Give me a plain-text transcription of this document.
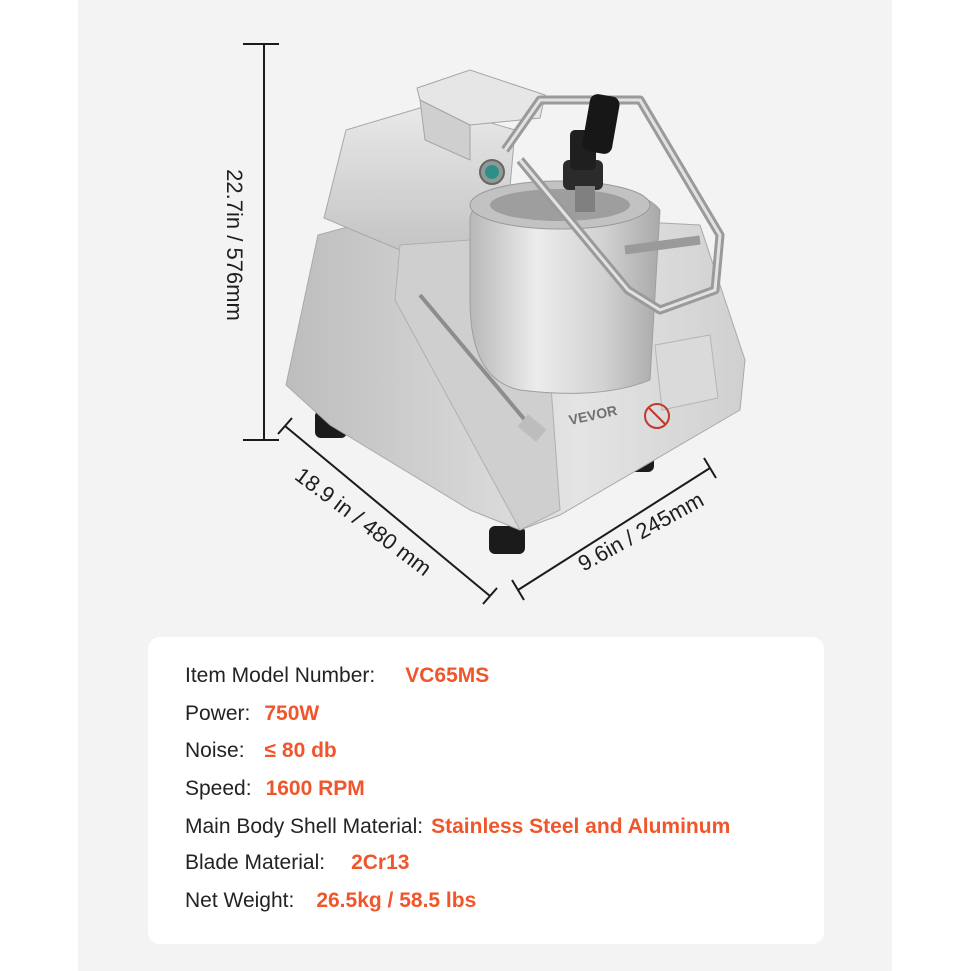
VEVOR
22.7in / 576mm
18.9 in / 480 mm	9.6in / 245mm
Item Model Number: VC65MS
Power: 750W
Noise: ≤ 80 db
Speed: 1600 RPM
Main Body Shell Material: Stainless Steel and Aluminum
Blade Material: 2Cr13
Net Weight: 26.5kg / 58.5 lbs
